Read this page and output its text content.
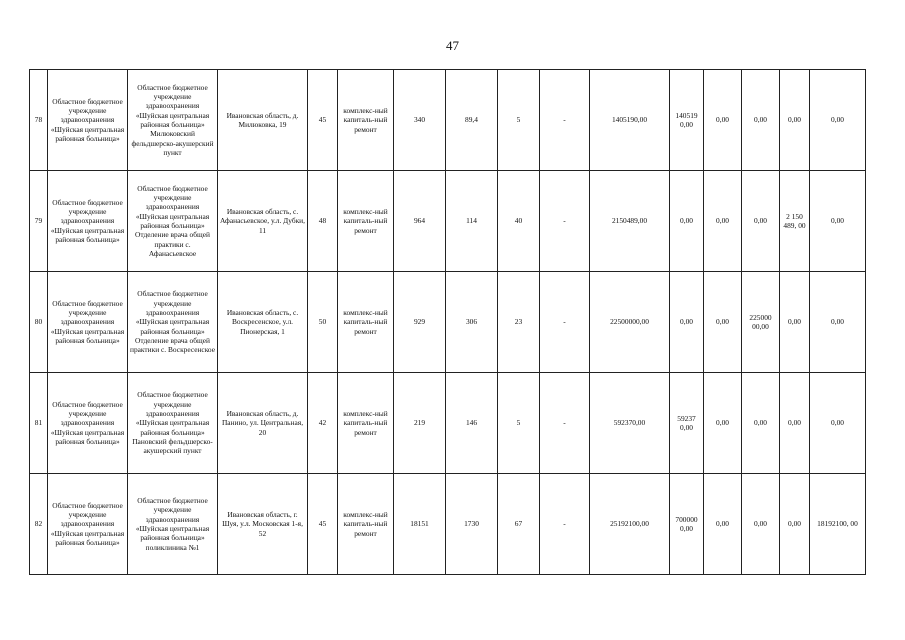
47
78	Областное бюджетное учреждение здравоохранения «Шуйская центральная районная больница»	Областное бюджетное учреждение здравоохранения «Шуйская центральная районная больница» Милюковский фельдшерско-акушерский пункт	Ивановская область, д. Милюковка, 19	45	комплекс-ный капиталь-ный ремонт	340	89,4	5	-	1405190,00	140519 0,00	0,00	0,00	0,00	0,00
79	Областное бюджетное учреждение здравоохранения «Шуйская центральная районная больница»	Областное бюджетное учреждение здравоохранения «Шуйская центральная районная больница» Отделение врача общей практики с. Афанасьевское	Ивановская область, с. Афанасьевское, у.л. Дубки, 11	48	комплекс-ный капиталь-ный ремонт	964	114	40	-	2150489,00	0,00	0,00	0,00	2 150 489, 00	0,00
80	Областное бюджетное учреждение здравоохранения «Шуйская центральная районная больница»	Областное бюджетное учреждение здравоохранения «Шуйская центральная районная больница» Отделение врача общей практики с. Воскресенское	Ивановская область, с. Воскресенское, у.л. Пионерская, 1	50	комплекс-ный капиталь-ный ремонт	929	306	23	-	22500000,00	0,00	0,00	225000 00,00	0,00	0,00
81	Областное бюджетное учреждение здравоохранения «Шуйская центральная районная больница»	Областное бюджетное учреждение здравоохранения «Шуйская центральная районная больница» Пановский фельдшерско-акушерский пункт	Ивановская область, д. Панино, ул. Центральная, 20	42	комплекс-ный капиталь-ный ремонт	219	146	5	-	592370,00	59237 0,00	0,00	0,00	0,00	0,00
82	Областное бюджетное учреждение здравоохранения «Шуйская центральная районная больница»	Областное бюджетное учреждение здравоохранения «Шуйская центральная районная больница» поликлиника №1	Ивановская область, г. Шуя, у.л. Московская 1-я, 52	45	комплекс-ный капиталь-ный ремонт	18151	1730	67	-	25192100,00	700000 0,00	0,00	0,00	0,00	18192100, 00
